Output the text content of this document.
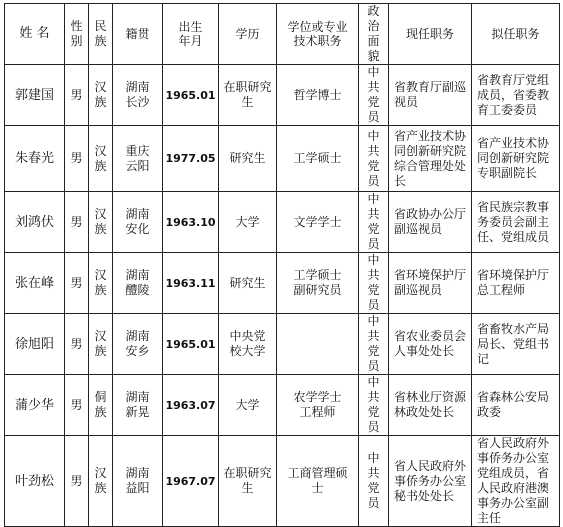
姓 名	性别	民族	籍贯	出生年月	学历	学位或专业技术职务	政治面貌	现任职务	拟任职务
郭建国	男	汉族	湖南长沙	1965.01	在职研究生	哲学博士	中共党员	省教育厅副巡视员	省教育厅党组成员，省委教育工委委员
朱春光	男	汉族	重庆云阳	1977.05	研究生	工学硕士	中共党员	省产业技术协同创新研究院综合管理处处长	省产业技术协同创新研究院专职副院长
刘鸿伏	男	汉族	湖南安化	1963.10	大学	文学学士	中共党员	省政协办公厅副巡视员	省民族宗教事务委员会副主任、党组成员
张在峰	男	汉族	湖南醴陵	1963.11	研究生	工学硕士副研究员	中共党员	省环境保护厅副巡视员	省环境保护厅总工程师
徐旭阳	男	汉族	湖南安乡	1965.01	中央党校大学		中共党员	省农业委员会人事处处长	省畜牧水产局局长、党组书记
蒲少华	男	侗族	湖南新晃	1963.07	大学	农学学士工程师	中共党员	省林业厅资源林政处处长	省森林公安局政委
叶劲松	男	汉族	湖南益阳	1967.07	在职研究生	工商管理硕士	中共党员	省人民政府外事侨务办公室秘书处处长	省人民政府外事侨务办公室党组成员，省人民政府港澳事务办公室副主任
